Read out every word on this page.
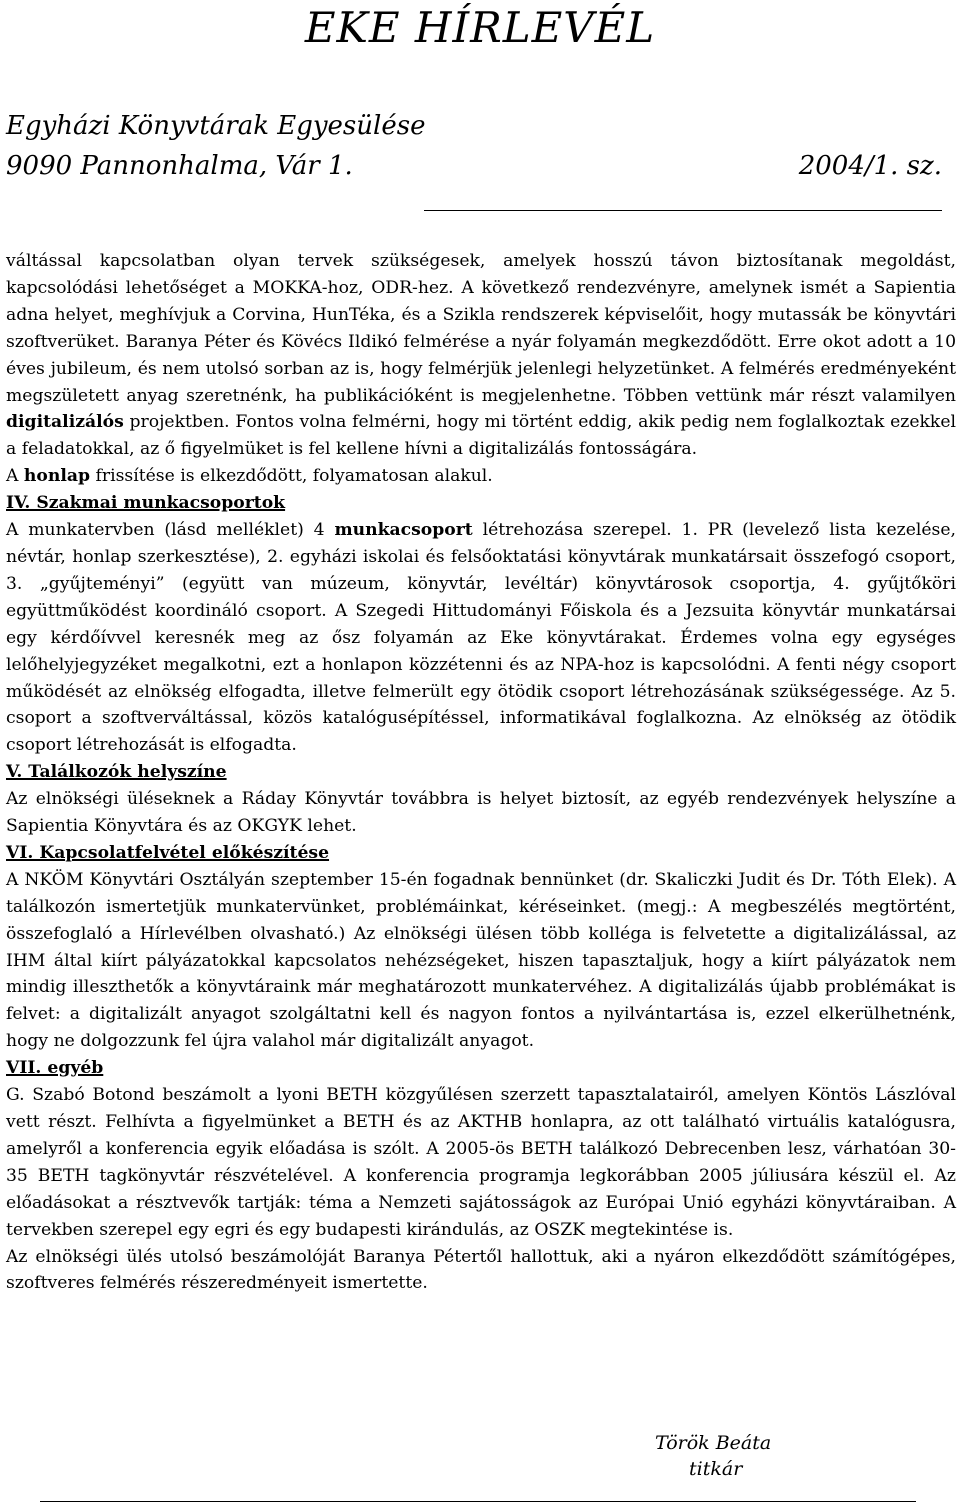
EKE HÍRLEVÉL
Egyházi Könyvtárak Egyesülése
9090 Pannonhalma, Vár 1.	2004/1. sz.

váltással kapcsolatban olyan tervek szükségesek, amelyek hosszú távon biztosítanak megoldást, kapcsolódási lehetőséget a MOKKA-hoz, ODR-hez. A következő rendezvényre, amelynek ismét a Sapientia adna helyet, meghívjuk a Corvina, HunTéka, és a Szikla rendszerek képviselőit, hogy mutassák be könyvtári szoftverüket. Baranya Péter és Kövécs Ildikó felmérése a nyár folyamán megkezdődött. Erre okot adott a 10 éves jubileum, és nem utolsó sorban az is, hogy felmérjük jelenlegi helyzetünket. A felmérés eredményeként megszületett anyag szeretnénk, ha publikációként is megjelenhetne. Többen vettünk már részt valamilyen digitalizálós projektben. Fontos volna felmérni, hogy mi történt eddig, akik pedig nem foglalkoztak ezekkel a feladatokkal, az ő figyelmüket is fel kellene hívni a digitalizálás fontosságára.

A honlap frissítése is elkezdődött, folyamatosan alakul.

IV. Szakmai munkacsoportok

A munkatervben (lásd melléklet) 4 munkacsoport létrehozása szerepel. 1. PR (levelező lista kezelése, névtár, honlap szerkesztése), 2. egyházi iskolai és felsőoktatási könyvtárak munkatársait összefogó csoport, 3. „gyűjteményi” (együtt van múzeum, könyvtár, levéltár) könyvtárosok csoportja, 4. gyűjtőköri együttműködést koordináló csoport. A Szegedi Hittudományi Főiskola és a Jezsuita könyvtár munkatársai egy kérdőívvel keresnék meg az ősz folyamán az Eke könyvtárakat. Érdemes volna egy egységes lelőhelyjegyzéket megalkotni, ezt a honlapon közzétenni és az NPA-hoz is kapcsolódni. A fenti négy csoport működését az elnökség elfogadta, illetve felmerült egy ötödik csoport létrehozásának szükségessége. Az 5. csoport a szoftverváltással, közös katalógusépítéssel, informatikával foglalkozna. Az elnökség az ötödik csoport létrehozását is elfogadta.

V. Találkozók helyszíne

Az elnökségi üléseknek a Ráday Könyvtár továbbra is helyet biztosít, az egyéb rendezvények helyszíne a Sapientia Könyvtára és az OKGYK lehet.

VI. Kapcsolatfelvétel előkészítése

A NKÖM Könyvtári Osztályán szeptember 15-én fogadnak bennünket (dr. Skaliczki Judit és Dr. Tóth Elek). A találkozón ismertetjük munkatervünket, problémáinkat, kéréseinket. (megj.: A megbeszélés megtörtént, összefoglaló a Hírlevélben olvasható.) Az elnökségi ülésen több kolléga is felvetette a digitalizálással, az IHM által kiírt pályázatokkal kapcsolatos nehézségeket, hiszen tapasztaljuk, hogy a kiírt pályázatok nem mindig illeszthetők a könyvtáraink már meghatározott munkatervéhez. A digitalizálás újabb problémákat is felvet: a digitalizált anyagot szolgáltatni kell és nagyon fontos a nyilvántartása is, ezzel elkerülhetnénk, hogy ne dolgozzunk fel újra valahol már digitalizált anyagot.

VII. egyéb

G. Szabó Botond beszámolt a lyoni BETH közgyűlésen szerzett tapasztalatairól, amelyen Köntös Lászlóval vett részt. Felhívta a figyelmünket a BETH és az AKTHB honlapra, az ott található virtuális katalógusra, amelyről a konferencia egyik előadása is szólt. A 2005-ös BETH találkozó Debrecenben lesz, várhatóan 30-35 BETH tagkönyvtár részvételével. A konferencia programja legkorábban 2005 júliusára készül el. Az előadásokat a résztvevők tartják: téma a Nemzeti sajátosságok az Európai Unió egyházi könyvtáraiban. A tervekben szerepel egy egri és egy budapesti kirándulás, az OSZK megtekintése is.

Az elnökségi ülés utolsó beszámolóját Baranya Pétertől hallottuk, aki a nyáron elkezdődött számítógépes, szoftveres felmérés részeredményeit ismertette.

Török Beáta
titkár
